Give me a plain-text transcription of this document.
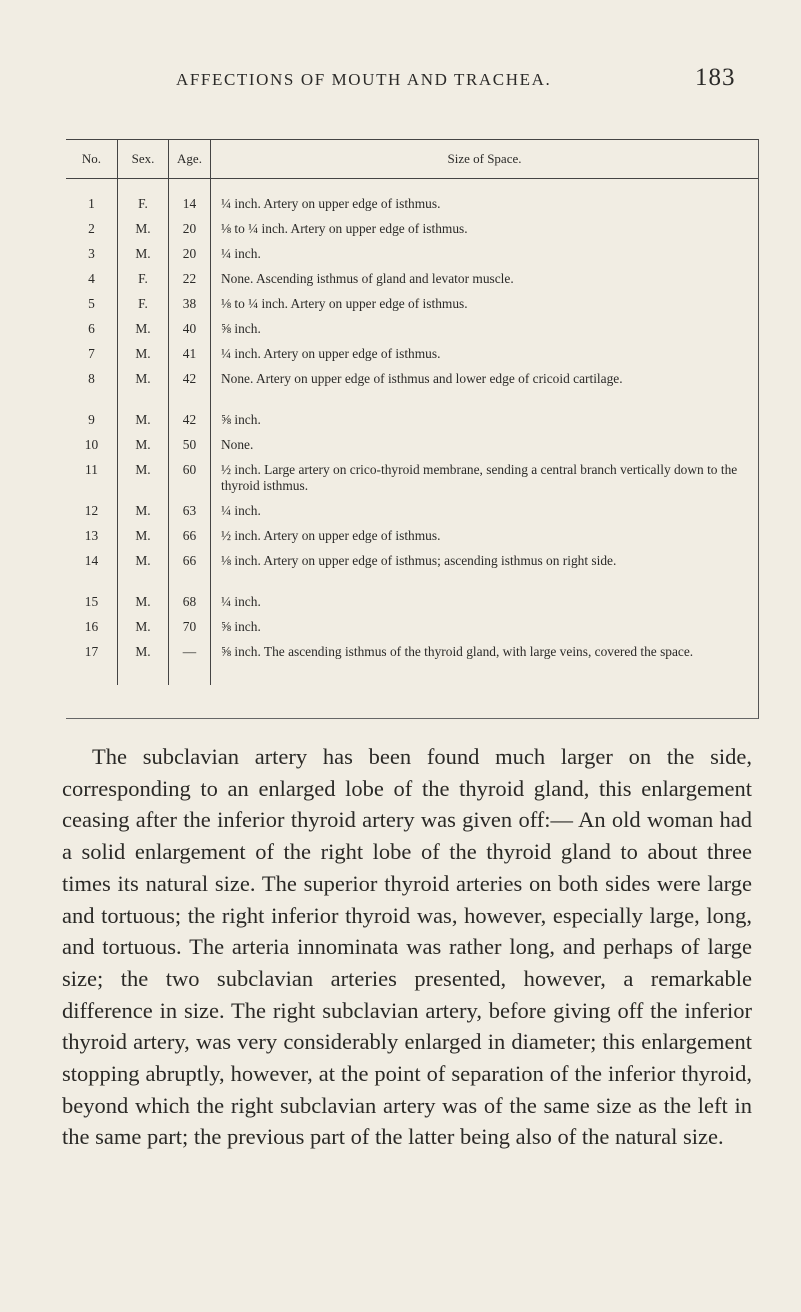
AFFECTIONS OF MOUTH AND TRACHEA.	183
No.	Sex.	Age.	Size of Space.
1	F.	14	¼ inch. Artery on upper edge of isthmus.
2	M.	20	⅛ to ¼ inch. Artery on upper edge of isthmus.
3	M.	20	¼ inch.
4	F.	22	None. Ascending isthmus of gland and levator muscle.
5	F.	38	⅛ to ¼ inch. Artery on upper edge of isthmus.
6	M.	40	⅝ inch.
7	M.	41	¼ inch. Artery on upper edge of isthmus.
8	M.	42	None. Artery on upper edge of isthmus and lower edge of cricoid cartilage.
9	M.	42	⅝ inch.
10	M.	50	None.
11	M.	60	½ inch. Large artery on crico-thyroid membrane, sending a central branch vertically down to the thyroid isthmus.
12	M.	63	¼ inch.
13	M.	66	½ inch. Artery on upper edge of isthmus.
14	M.	66	⅛ inch. Artery on upper edge of isthmus; ascending isthmus on right side.
15	M.	68	¼ inch.
16	M.	70	⅝ inch.
17	M.	—	⅝ inch. The ascending isthmus of the thyroid gland, with large veins, covered the space.

The subclavian artery has been found much larger on the side, corresponding to an enlarged lobe of the thyroid gland, this enlargement ceasing after the inferior thyroid artery was given off:— An old woman had a solid enlargement of the right lobe of the thyroid gland to about three times its natural size. The superior thyroid arteries on both sides were large and tortuous; the right inferior thyroid was, however, especially large, long, and tortuous. The arteria innominata was rather long, and perhaps of large size; the two subclavian arteries presented, however, a remarkable difference in size. The right subclavian artery, before giving off the inferior thyroid artery, was very considerably enlarged in diameter; this enlargement stopping abruptly, however, at the point of separation of the inferior thyroid, beyond which the right subclavian artery was of the same size as the left in the same part; the previous part of the latter being also of the natural size.
